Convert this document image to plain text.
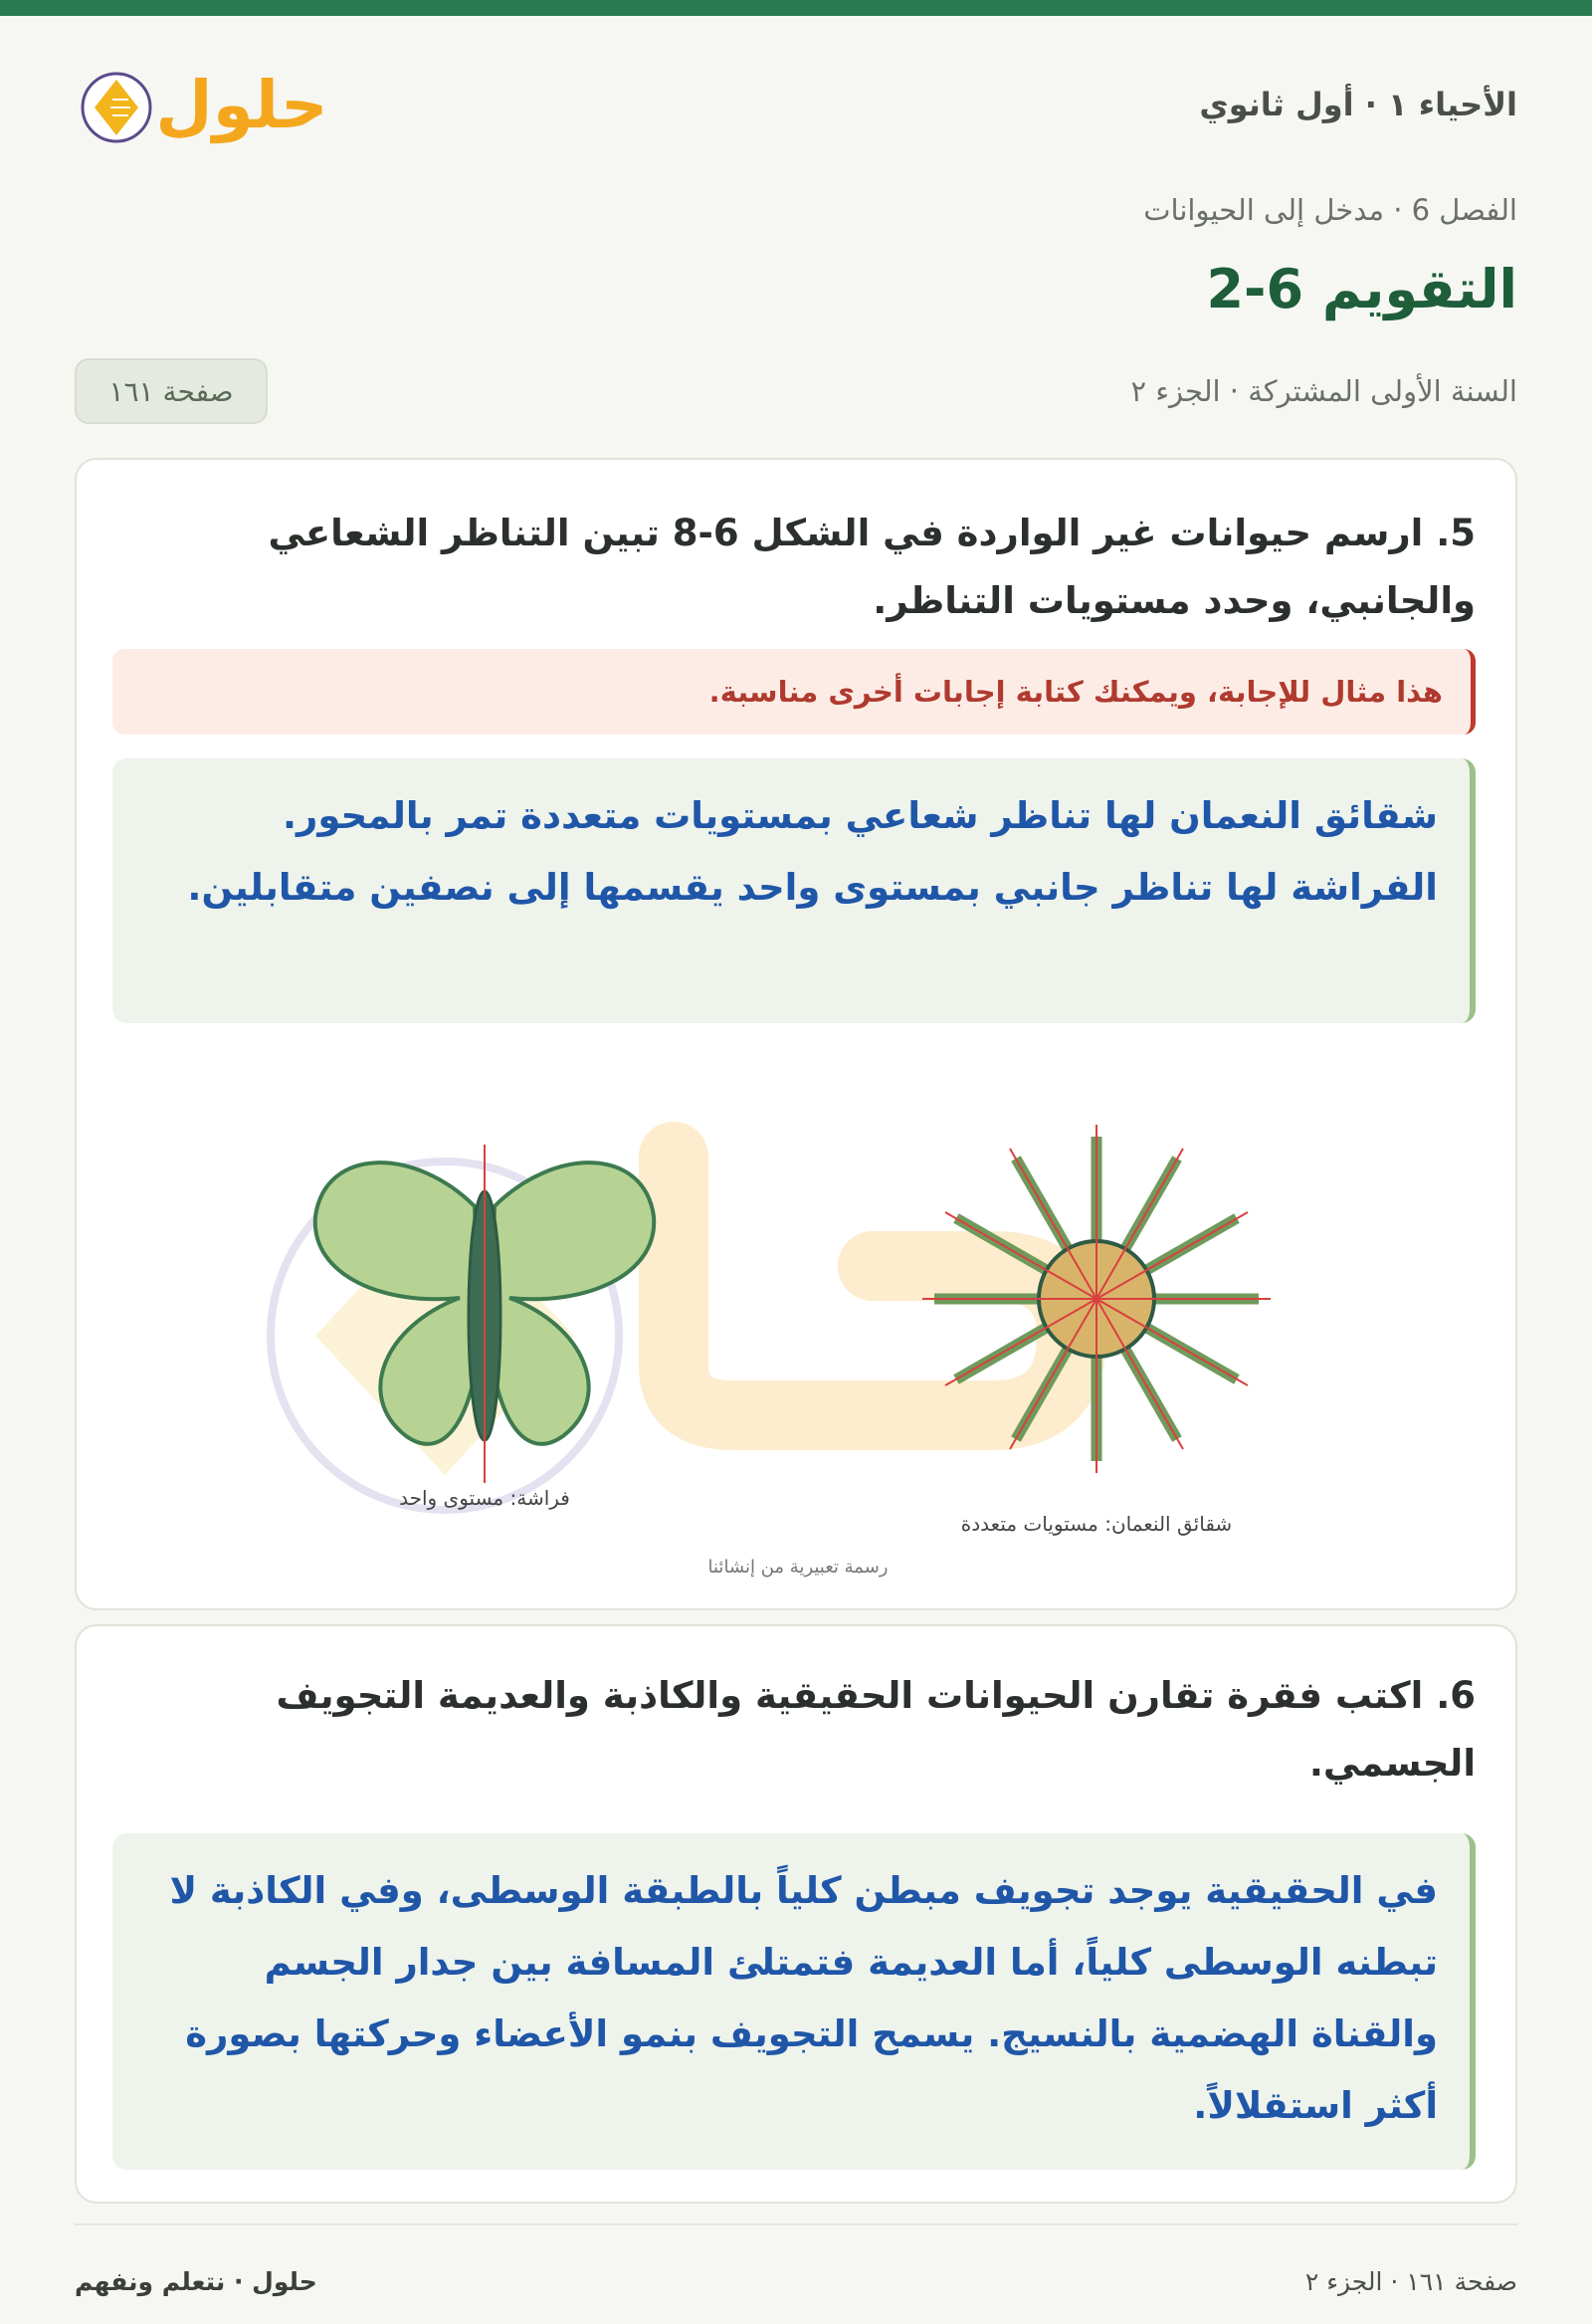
الأحياء ١ · أول ثانوي
حلول
الفصل 6 · مدخل إلى الحيوانات
التقويم 6-2
السنة الأولى المشتركة · الجزء ٢
صفحة ١٦١
5. ارسم حيوانات غير الواردة في الشكل 6-8 تبين التناظر الشعاعي والجانبي، وحدد مستويات التناظر.
هذا مثال للإجابة، ويمكنك كتابة إجابات أخرى مناسبة.
شقائق النعمان لها تناظر شعاعي بمستويات متعددة تمر بالمحور. الفراشة لها تناظر جانبي بمستوى واحد يقسمها إلى نصفين متقابلين.
فراشة: مستوى واحد
شقائق النعمان: مستويات متعددة
رسمة تعبيرية من إنشائنا
6. اكتب فقرة تقارن الحيوانات الحقيقية والكاذبة والعديمة التجويف الجسمي.
في الحقيقية يوجد تجويف مبطن كلياً بالطبقة الوسطى، وفي الكاذبة لا تبطنه الوسطى كلياً، أما العديمة فتمتلئ المسافة بين جدار الجسم والقناة الهضمية بالنسيج. يسمح التجويف بنمو الأعضاء وحركتها بصورة أكثر استقلالاً.
صفحة ١٦١ · الجزء ٢
حلول · نتعلم ونفهم
